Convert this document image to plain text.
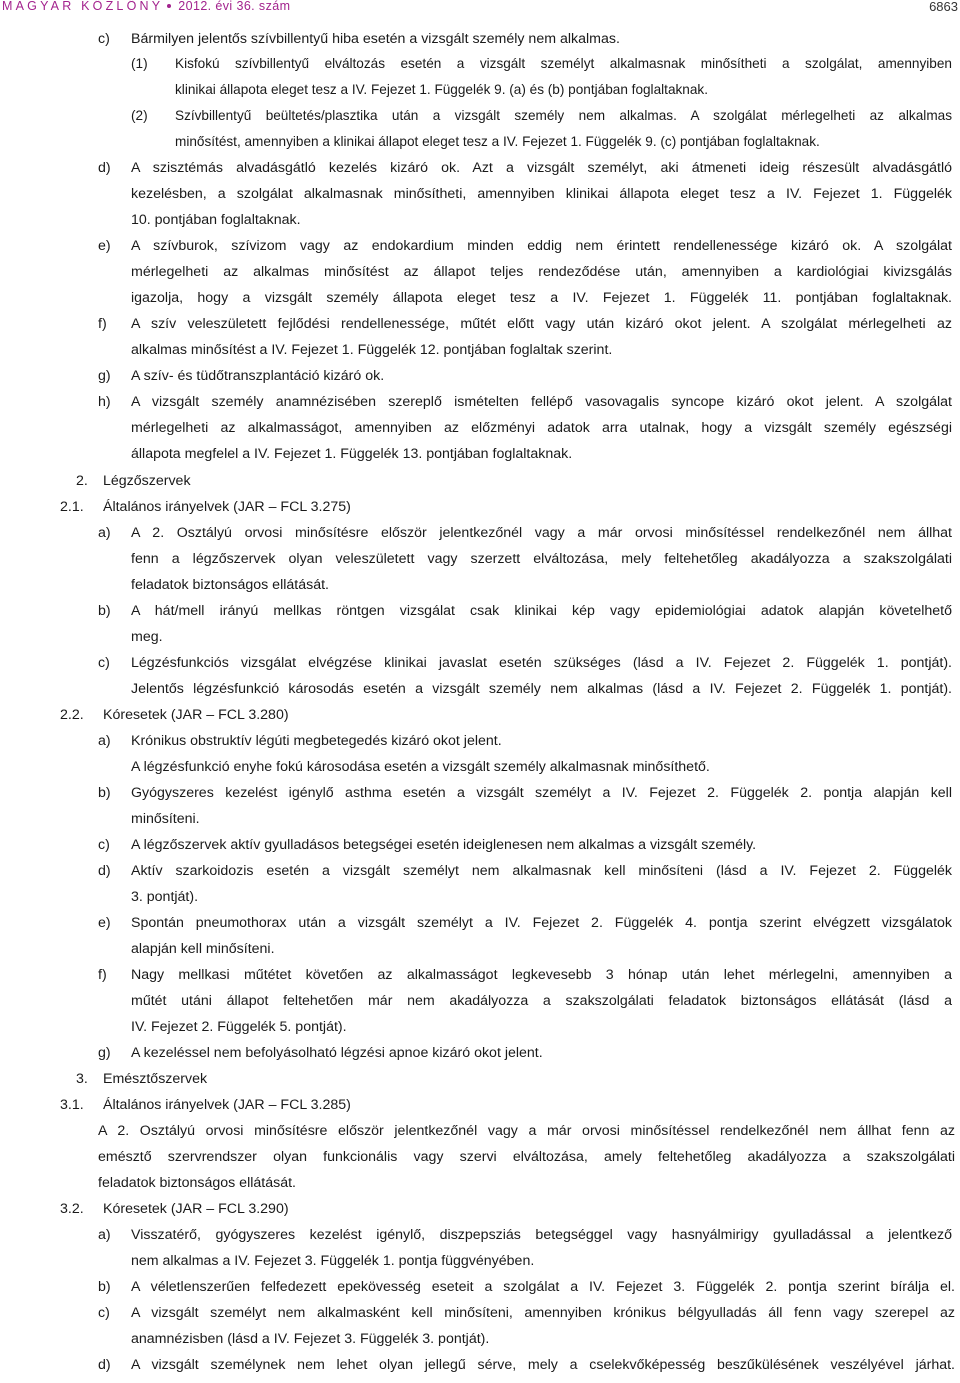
MAGYAR KÖZLÖNY 2012. évi 36. szám	6863
c) Bármilyen jelentős szívbillentyű hiba esetén a vizsgált személy nem alkalmas.
(1) Kisfokú szívbillentyű elváltozás esetén a vizsgált személyt alkalmasnak minősítheti a szolgálat, amennyiben
klinikai állapota eleget tesz a IV. Fejezet 1. Függelék 9. (a) és (b) pontjában foglaltaknak.
(2) Szívbillentyű beültetés/plasztika után a vizsgált személy nem alkalmas. A szolgálat mérlegelheti az alkalmas
minősítést, amennyiben a klinikai állapot eleget tesz a IV. Fejezet 1. Függelék 9. (c) pontjában foglaltaknak.
d) A szisztémás alvadásgátló kezelés kizáró ok. Azt a vizsgált személyt, aki átmeneti ideig részesült alvadásgátló
kezelésben, a szolgálat alkalmasnak minősítheti, amennyiben klinikai állapota eleget tesz a IV. Fejezet 1. Függelék
10. pontjában foglaltaknak.
e) A szívburok, szívizom vagy az endokardium minden eddig nem érintett rendellenessége kizáró ok. A szolgálat
mérlegelheti az alkalmas minősítést az állapot teljes rendeződése után, amennyiben a kardiológiai kivizsgálás
igazolja, hogy a vizsgált személy állapota eleget tesz a IV. Fejezet 1. Függelék 11. pontjában foglaltaknak.
f) A szív veleszületett fejlődési rendellenessége, műtét előtt vagy után kizáró okot jelent. A szolgálat mérlegelheti az
alkalmas minősítést a IV. Fejezet 1. Függelék 12. pontjában foglaltak szerint.
g) A szív- és tüdőtranszplantáció kizáró ok.
h) A vizsgált személy anamnézisében szereplő ismételten fellépő vasovagalis syncope kizáró okot jelent. A szolgálat
mérlegelheti az alkalmasságot, amennyiben az előzményi adatok arra utalnak, hogy a vizsgált személy egészségi
állapota megfelel a IV. Fejezet 1. Függelék 13. pontjában foglaltaknak.
2. Légzőszervek
2.1. Általános irányelvek (JAR – FCL 3.275)
a) A 2. Osztályú orvosi minősítésre először jelentkezőnél vagy a már orvosi minősítéssel rendelkezőnél nem állhat
fenn a légzőszervek olyan veleszületett vagy szerzett elváltozása, mely feltehetőleg akadályozza a szakszolgálati
feladatok biztonságos ellátását.
b) A hát/mell irányú mellkas röntgen vizsgálat csak klinikai kép vagy epidemiológiai adatok alapján követelhető
meg.
c) Légzésfunkciós vizsgálat elvégzése klinikai javaslat esetén szükséges (lásd a IV. Fejezet 2. Függelék 1. pontját).
Jelentős légzésfunkció károsodás esetén a vizsgált személy nem alkalmas (lásd a IV. Fejezet 2. Függelék 1. pontját).
2.2. Kóresetek (JAR – FCL 3.280)
a) Krónikus obstruktív légúti megbetegedés kizáró okot jelent.
A légzésfunkció enyhe fokú károsodása esetén a vizsgált személy alkalmasnak minősíthető.
b) Gyógyszeres kezelést igénylő asthma esetén a vizsgált személyt a IV. Fejezet 2. Függelék 2. pontja alapján kell
minősíteni.
c) A légzőszervek aktív gyulladásos betegségei esetén ideiglenesen nem alkalmas a vizsgált személy.
d) Aktív szarkoidozis esetén a vizsgált személyt nem alkalmasnak kell minősíteni (lásd a IV. Fejezet 2. Függelék
3. pontját).
e) Spontán pneumothorax után a vizsgált személyt a IV. Fejezet 2. Függelék 4. pontja szerint elvégzett vizsgálatok
alapján kell minősíteni.
f) Nagy mellkasi műtétet követően az alkalmasságot legkevesebb 3 hónap után lehet mérlegelni, amennyiben a
műtét utáni állapot feltehetően már nem akadályozza a szakszolgálati feladatok biztonságos ellátását (lásd a
IV. Fejezet 2. Függelék 5. pontját).
g) A kezeléssel nem befolyásolható légzési apnoe kizáró okot jelent.
3. Emésztőszervek
3.1. Általános irányelvek (JAR – FCL 3.285)
A 2. Osztályú orvosi minősítésre először jelentkezőnél vagy a már orvosi minősítéssel rendelkezőnél nem állhat fenn az
emésztő szervrendszer olyan funkcionális vagy szervi elváltozása, amely feltehetőleg akadályozza a szakszolgálati
feladatok biztonságos ellátását.
3.2. Kóresetek (JAR – FCL 3.290)
a) Visszatérő, gyógyszeres kezelést igénylő, diszpepsziás betegséggel vagy hasnyálmirigy gyulladással a jelentkező
nem alkalmas a IV. Fejezet 3. Függelék 1. pontja függvényében.
b) A véletlenszerűen felfedezett epekövesség eseteit a szolgálat a IV. Fejezet 3. Függelék 2. pontja szerint bírálja el.
c) A vizsgált személyt nem alkalmasként kell minősíteni, amennyiben krónikus bélgyulladás áll fenn vagy szerepel az
anamnézisben (lásd a IV. Fejezet 3. Függelék 3. pontját).
d) A vizsgált személynek nem lehet olyan jellegű sérve, mely a cselekvőképesség beszűkülésének veszélyével járhat.
